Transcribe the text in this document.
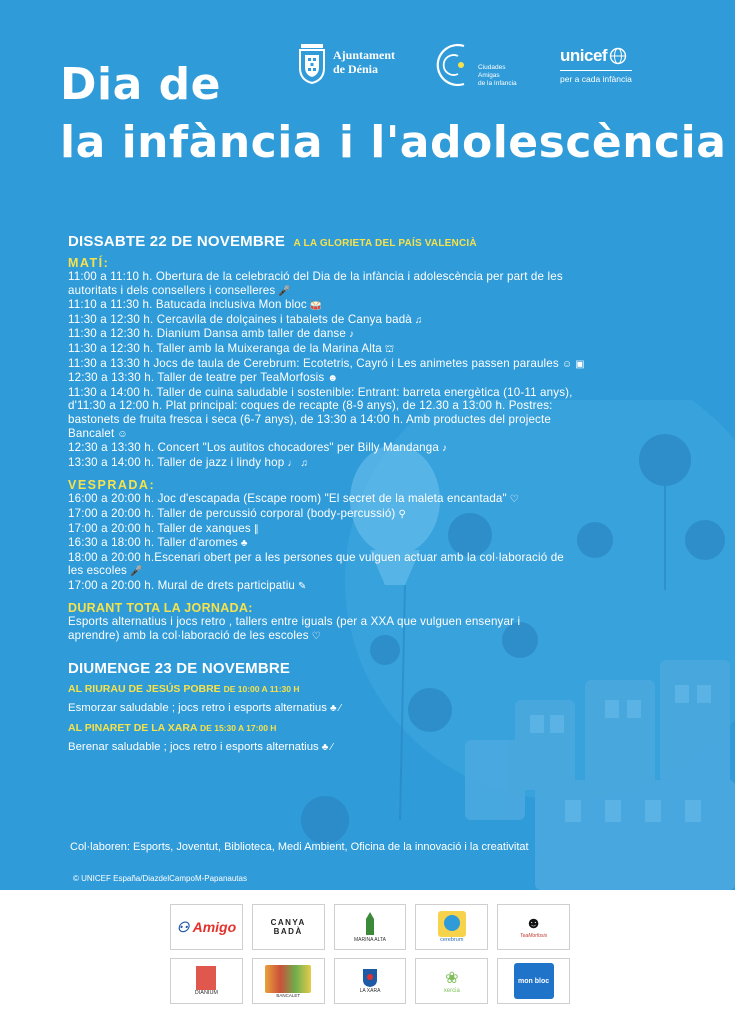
Ajuntament
de Dénia	Ciudades
Amigas
de la Infancia
unicef
per a cada infància
Dia de
la infància i l'adolescència
DISSABTE 22 DE NOVEMBRE A LA GLORIETA DEL PAÍS VALENCIÀ
MATÍ:
11:00 a 11:10 h. Obertura de la celebració del Dia de la infància i adolescència per part de les
autoritats i dels consellers i conselleres 🎤
11:10 a 11:30 h. Batucada inclusiva Mon bloc 🥁
11:30 a 12:30 h. Cercavila de dolçaines i tabalets de Canya badà ♫
11:30 a 12:30 h. Dianium Dansa amb taller de danse ♪
11:30 a 12:30 h. Taller amb la Muixeranga de la Marina Alta ⛫
11:30 a 13:30 h Jocs de taula de Cerebrum: Ecotetris, Cayró i Les animetes passen paraules ☺ ▣
12:30 a 13:30 h. Taller de teatre per TeaMorfosis ☻
11:30 a 14:00 h. Taller de cuina saludable i sostenible: Entrant: barreta energètica (10-11 anys),
d'11:30 a 12:00 h. Plat principal: coques de recapte (8-9 anys), de 12.30 a 13:00 h. Postres:
bastonets de fruita fresca i seca (6-7 anys), de 13:30 a 14:00 h. Amb productes del projecte
Bancalet ☺
12:30 a 13:30 h. Concert "Los autitos chocadores" per Billy Mandanga ♪
13:30 a 14:00 h. Taller de jazz i lindy hop ♩ ♫
VESPRADA:
16:00 a 20:00 h. Joc d'escapada (Escape room) "El secret de la maleta encantada" ♡
17:00 a 20:00 h. Taller de percussió corporal (body-percussió) ⚲
17:00 a 20:00 h. Taller de xanques ∥
16:30 a 18:00 h. Taller d'aromes ♣
18:00 a 20:00 h.Escenari obert per a les persones que vulguen actuar amb la col·laboració de
les escoles 🎤
17:00 a 20:00 h. Mural de drets participatiu ✎
DURANT TOTA LA JORNADA:
Esports alternatius i jocs retro , tallers entre iguals (per a XXA que vulguen ensenyar i
aprendre) amb la col·laboració de les escoles ♡
DIUMENGE 23 DE NOVEMBRE
AL RIURAU DE JESÚS POBRE DE 10:00 A 11:30 H
Esmorzar saludable ; jocs retro i esports alternatius ♣ ⁄
AL PINARET DE LA XARA DE 15:30 A 17:00 H
Berenar saludable ; jocs retro i esports alternatius ♣ ⁄
Col·laboren: Esports, Joventut, Biblioteca, Medi Ambient, Oficina de la innovació i la creativitat
© UNICEF España/DiazdelCampoM-Papanautas
⚇ Amigo	CANYA BADÀ
MARINA ALTA	cerebrum
☻
TeaMorfosis
DIANIUM	BANCALET
LA XARA
❀
xercia
mon bloc
